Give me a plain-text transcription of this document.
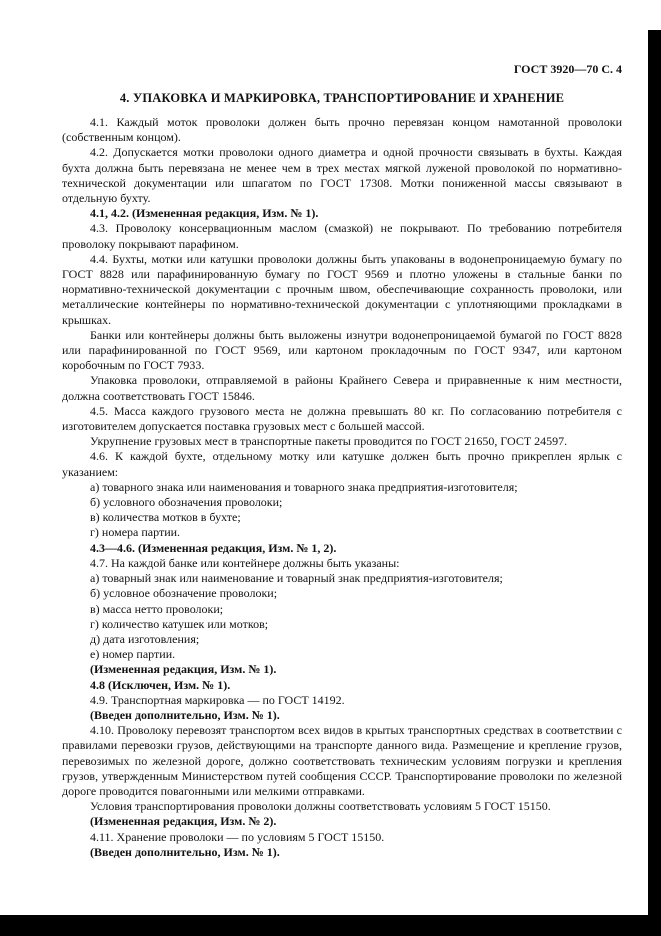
ГОСТ 3920—70 С. 4
4. УПАКОВКА И МАРКИРОВКА, ТРАНСПОРТИРОВАНИЕ И ХРАНЕНИЕ

4.1. Каждый моток проволоки должен быть прочно перевязан концом намотанной проволоки (собственным концом).

4.2. Допускается мотки проволоки одного диаметра и одной прочности связывать в бухты. Каждая бухта должна быть перевязана не менее чем в трех местах мягкой луженой проволокой по нормативно-технической документации или шпагатом по ГОСТ 17308. Мотки пониженной массы связывают в отдельную бухту.

4.1, 4.2. (Измененная редакция, Изм. № 1).

4.3. Проволоку консервационным маслом (смазкой) не покрывают. По требованию потребителя проволоку покрывают парафином.

4.4. Бухты, мотки или катушки проволоки должны быть упакованы в водонепроницаемую бумагу по ГОСТ 8828 или парафинированную бумагу по ГОСТ 9569 и плотно уложены в стальные банки по нормативно-технической документации с прочным швом, обеспечивающие сохранность проволоки, или металлические контейнеры по нормативно-технической документации с уплотняющими прокладками в крышках.

Банки или контейнеры должны быть выложены изнутри водонепроницаемой бумагой по ГОСТ 8828 или парафинированной по ГОСТ 9569, или картоном прокладочным по ГОСТ 9347, или картоном коробочным по ГОСТ 7933.

Упаковка проволоки, отправляемой в районы Крайнего Севера и приравненные к ним местности, должна соответствовать ГОСТ 15846.

4.5. Масса каждого грузового места не должна превышать 80 кг. По согласованию потребителя с изготовителем допускается поставка грузовых мест с большей массой.

Укрупнение грузовых мест в транспортные пакеты проводится по ГОСТ 21650, ГОСТ 24597.

4.6. К каждой бухте, отдельному мотку или катушке должен быть прочно прикреплен ярлык с указанием:

а) товарного знака или наименования и товарного знака предприятия-изготовителя;

б) условного обозначения проволоки;

в) количества мотков в бухте;

г) номера партии.

4.3—4.6. (Измененная редакция, Изм. № 1, 2).

4.7. На каждой банке или контейнере должны быть указаны:

а) товарный знак или наименование и товарный знак предприятия-изготовителя;

б) условное обозначение проволоки;

в) масса нетто проволоки;

г) количество катушек или мотков;

д) дата изготовления;

е) номер партии.

(Измененная редакция, Изм. № 1).

4.8 (Исключен, Изм. № 1).

4.9. Транспортная маркировка — по ГОСТ 14192.

(Введен дополнительно, Изм. № 1).

4.10. Проволоку перевозят транспортом всех видов в крытых транспортных средствах в соответствии с правилами перевозки грузов, действующими на транспорте данного вида. Размещение и крепление грузов, перевозимых по железной дороге, должно соответствовать техническим условиям погрузки и крепления грузов, утвержденным Министерством путей сообщения СССР. Транспортирование проволоки по железной дороге проводится повагонными или мелкими отправками.

Условия транспортирования проволоки должны соответствовать условиям 5 ГОСТ 15150.

(Измененная редакция, Изм. № 2).

4.11. Хранение проволоки — по условиям 5 ГОСТ 15150.

(Введен дополнительно, Изм. № 1).
